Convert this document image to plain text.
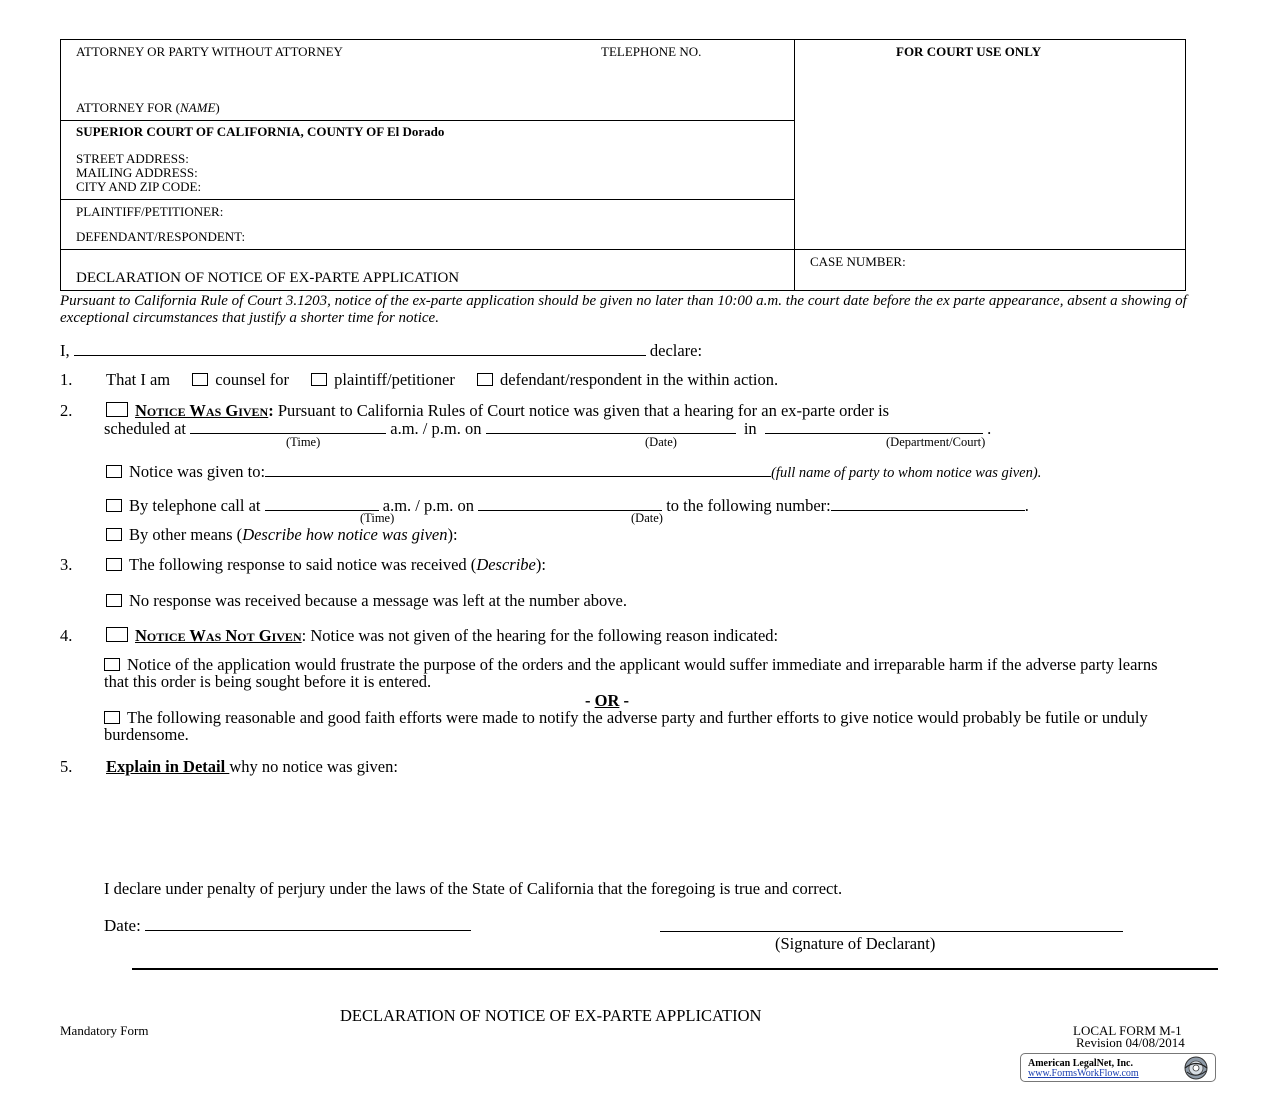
ATTORNEY OR PARTY WITHOUT ATTORNEY	TELEPHONE NO.	FOR COURT USE ONLY
ATTORNEY FOR (NAME)
SUPERIOR COURT OF CALIFORNIA, COUNTY OF El Dorado
STREET ADDRESS:
MAILING ADDRESS:
CITY AND ZIP CODE:
PLAINTIFF/PETITIONER:
DEFENDANT/RESPONDENT:
DECLARATION OF NOTICE OF EX-PARTE APPLICATION
CASE NUMBER:
Pursuant to California Rule of Court 3.1203, notice of the ex-parte application should be given no later than 10:00 a.m. the court date before the ex parte appearance, absent a showing of exceptional circumstances that justify a shorter time for notice.
I,	declare:
1. That I am	counsel for	plaintiff/petitioner	defendant/respondent in the within action.
2.	Notice Was Given: Pursuant to California Rules of Court notice was given that a hearing for an ex-parte order is
scheduled at	a.m. / p.m. on	in	.
(Time)	(Date)	(Department/Court)
Notice was given to:	(full name of party to whom notice was given).
By telephone call at	a.m. / p.m. on	to the following number:	.
(Time)	(Date)
By other means (Describe how notice was given):
3.	The following response to said notice was received (Describe):
No response was received because a message was left at the number above.
4.	Notice Was Not Given: Notice was not given of the hearing for the following reason indicated:
Notice of the application would frustrate the purpose of the orders and the applicant would suffer immediate and irreparable harm if the adverse party learns that this order is being sought before it is entered.
- OR -
The following reasonable and good faith efforts were made to notify the adverse party and further efforts to give notice would probably be futile or unduly burdensome.
5. Explain in Detail why no notice was given:
I declare under penalty of perjury under the laws of the State of California that the foregoing is true and correct.
Date:
(Signature of Declarant)
DECLARATION OF NOTICE OF EX-PARTE APPLICATION
Mandatory Form	LOCAL FORM M-1
Revision 04/08/2014
American LegalNet, Inc.
www.FormsWorkFlow.com
